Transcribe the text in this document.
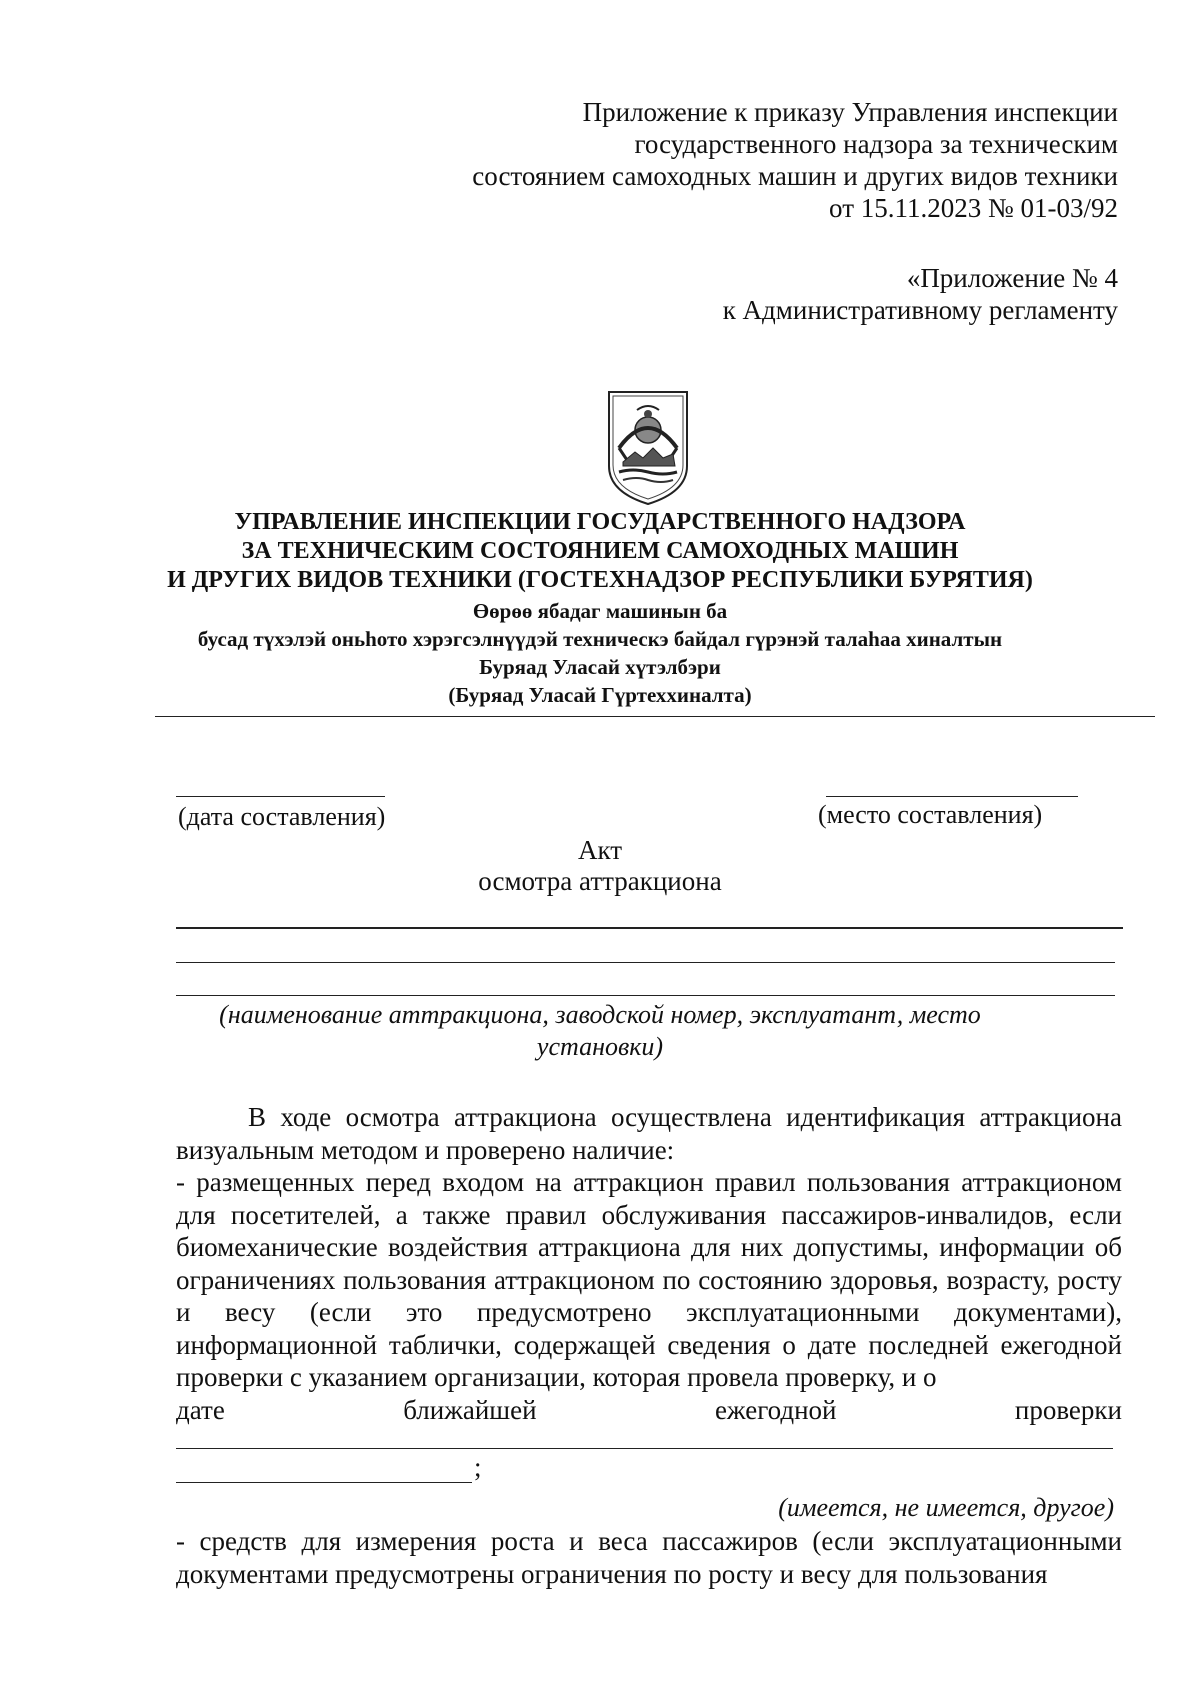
Приложение к приказу Управления инспекции
государственного надзора за техническим
состоянием самоходных машин и других видов техники
от 15.11.2023 № 01-03/92
«Приложение № 4
к Административному регламенту
УПРАВЛЕНИЕ ИНСПЕКЦИИ ГОСУДАРСТВЕННОГО НАДЗОРА
ЗА ТЕХНИЧЕСКИМ СОСТОЯНИЕМ САМОХОДНЫХ МАШИН
И ДРУГИХ ВИДОВ ТЕХНИКИ (ГОСТЕХНАДЗОР РЕСПУБЛИКИ БУРЯТИЯ)
Өөрөө ябадаг машинын ба
бусад түхэлэй оньһото хэрэгсэлнүүдэй техническэ байдал гүрэнэй талаһаа хиналтын
Буряад Уласай хүтэлбэри
(Буряад Уласай Гүртеххиналта)
(дата составления)	(место составления)
Акт
осмотра аттракциона
(наименование аттракциона, заводской номер, эксплуатант, место
установки)
В ходе осмотра аттракциона осуществлена идентификация аттракциона визуальным методом и проверено наличие:
- размещенных перед входом на аттракцион правил пользования аттракционом для посетителей, а также правил обслуживания пассажиров-инвалидов, если биомеханические воздействия аттракциона для них допустимы, информации об ограничениях пользования аттракционом по состоянию здоровья, возрасту, росту и весу (если это предусмотрено эксплуатационными документами), информационной таблички, содержащей сведения о дате последней ежегодной проверки с указанием организации, которая провела проверку, и о
дате	ближайшей	ежегодной	проверки
;
(имеется, не имеется, другое)
- средств для измерения роста и веса пассажиров (если эксплуатационными документами предусмотрены ограничения по росту и весу для пользования
